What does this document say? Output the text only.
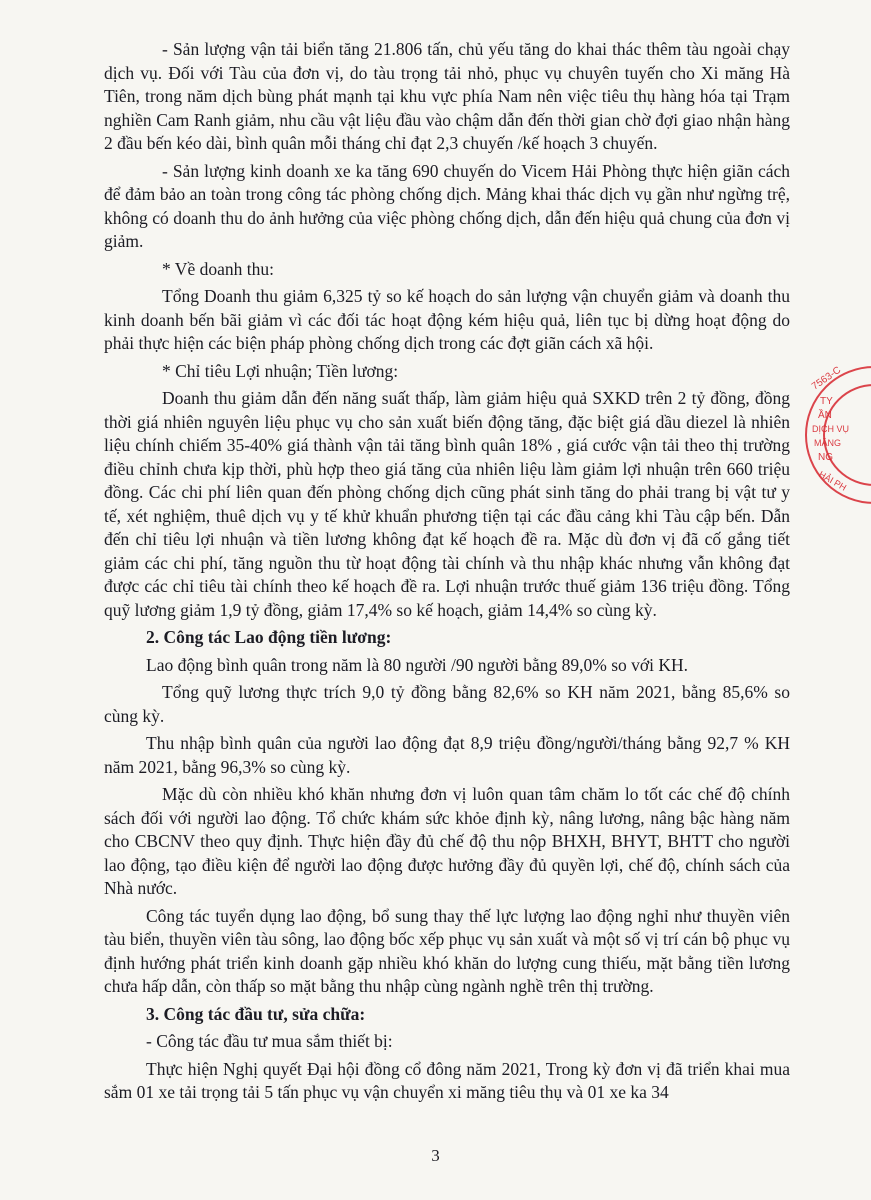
- Sản lượng vận tải biển tăng 21.806 tấn, chủ yếu tăng do khai thác thêm tàu ngoài chạy dịch vụ. Đối với Tàu của đơn vị, do tàu trọng tải nhỏ, phục vụ chuyên tuyến cho Xi măng Hà Tiên, trong năm dịch bùng phát mạnh tại khu vực phía Nam nên việc tiêu thụ hàng hóa tại Trạm nghiền Cam Ranh giảm, nhu cầu vật liệu đầu vào chậm dẫn đến thời gian chờ đợi giao nhận hàng 2 đầu bến kéo dài, bình quân mỗi tháng chỉ đạt 2,3 chuyến /kế hoạch 3 chuyến.

- Sản lượng kinh doanh xe ka tăng 690 chuyến do Vicem Hải Phòng thực hiện giãn cách để đảm bảo an toàn trong công tác phòng chống dịch. Mảng khai thác dịch vụ gần như ngừng trệ, không có doanh thu do ảnh hưởng của việc phòng chống dịch, dẫn đến hiệu quả chung của đơn vị giảm.

* Về doanh thu:

Tổng Doanh thu giảm 6,325 tỷ so kế hoạch do sản lượng vận chuyển giảm và doanh thu kinh doanh bến bãi giảm vì các đối tác hoạt động kém hiệu quả, liên tục bị dừng hoạt động do phải thực hiện các biện pháp phòng chống dịch trong các đợt giãn cách xã hội.

* Chỉ tiêu Lợi nhuận; Tiền lương:

Doanh thu giảm dẫn đến năng suất thấp, làm giảm hiệu quả SXKD trên 2 tỷ đồng, đồng thời giá nhiên nguyên liệu phục vụ cho sản xuất biến động tăng, đặc biệt giá dầu diezel là nhiên liệu chính chiếm 35-40% giá thành vận tải tăng bình quân 18% , giá cước vận tải theo thị trường điều chỉnh chưa kịp thời, phù hợp theo giá tăng của nhiên liệu làm giảm lợi nhuận trên 660 triệu đồng. Các chi phí liên quan đến phòng chống dịch cũng phát sinh tăng do phải trang bị vật tư y tế, xét nghiệm, thuê dịch vụ y tế khử khuẩn phương tiện tại các đầu cảng khi Tàu cập bến. Dẫn đến chỉ tiêu lợi nhuận và tiền lương không đạt kế hoạch đề ra. Mặc dù đơn vị đã cố gắng tiết giảm các chi phí, tăng nguồn thu từ hoạt động tài chính và thu nhập khác nhưng vẫn không đạt được các chỉ tiêu tài chính theo kế hoạch đề ra. Lợi nhuận trước thuế giảm 136 triệu đồng. Tổng quỹ lương giảm 1,9 tỷ đồng, giảm 17,4% so kế hoạch, giảm 14,4% so cùng kỳ.

2. Công tác Lao động tiền lương:

Lao động bình quân trong năm là 80 người /90 người bằng 89,0% so với KH.

Tổng quỹ lương thực trích 9,0 tỷ đồng bằng 82,6% so KH năm 2021, bằng 85,6% so cùng kỳ.

Thu nhập bình quân của người lao động đạt 8,9 triệu đồng/người/tháng bằng 92,7 % KH năm 2021, bằng 96,3% so cùng kỳ.

Mặc dù còn nhiều khó khăn nhưng đơn vị luôn quan tâm chăm lo tốt các chế độ chính sách đối với người lao động. Tổ chức khám sức khỏe định kỳ, nâng lương, nâng bậc hàng năm cho CBCNV theo quy định. Thực hiện đầy đủ chế độ thu nộp BHXH, BHYT, BHTT cho người lao động, tạo điều kiện để người lao động được hưởng đầy đủ quyền lợi, chế độ, chính sách của Nhà nước.

Công tác tuyển dụng lao động, bổ sung thay thế lực lượng lao động nghỉ như thuyền viên tàu biển, thuyền viên tàu sông, lao động bốc xếp phục vụ sản xuất và một số vị trí cán bộ phục vụ định hướng phát triển kinh doanh gặp nhiều khó khăn do lượng cung thiếu, mặt bằng tiền lương chưa hấp dẫn, còn thấp so mặt bằng thu nhập cùng ngành nghề trên thị trường.

3. Công tác đầu tư, sửa chữa:

- Công tác đầu tư mua sắm thiết bị:

Thực hiện Nghị quyết Đại hội đồng cổ đông năm 2021, Trong kỳ đơn vị đã triển khai mua sắm 01 xe tải trọng tải 5 tấn phục vụ vận chuyển xi măng tiêu thụ và 01 xe ka 34

3
7563-C
TY
ẦN
DỊCH VỤ
MĂNG
NG
HẢI PH
